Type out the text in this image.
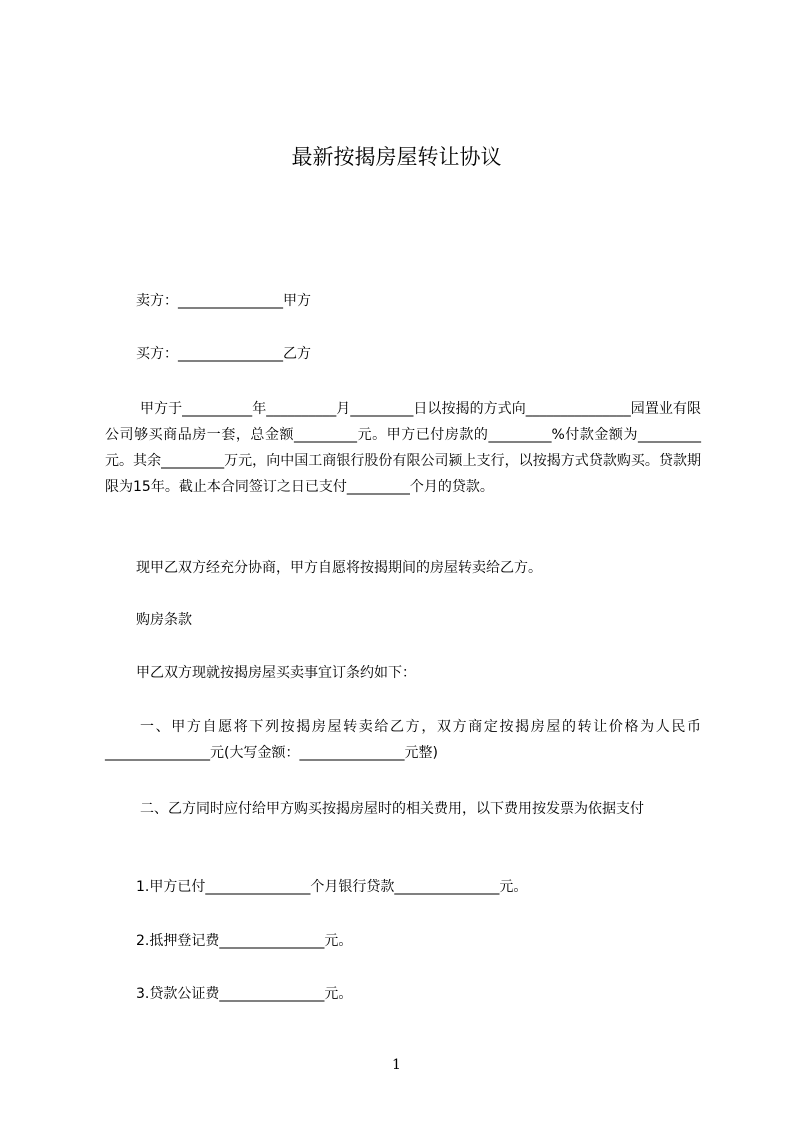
最新按揭房屋转让协议
卖方：_______________甲方
买方：_______________乙方
甲方于__________年__________月_________日以按揭的方式向_______________园置业有限公司够买商品房一套，总金额_________元。甲方已付房款的_________%付款金额为_________元。其余_________万元，向中国工商银行股份有限公司颍上支行，以按揭方式贷款购买。贷款期限为15年。截止本合同签订之日已支付_________个月的贷款。
现甲乙双方经充分协商，甲方自愿将按揭期间的房屋转卖给乙方。
购房条款
甲乙双方现就按揭房屋买卖事宜订条约如下：
一、甲方自愿将下列按揭房屋转卖给乙方，双方商定按揭房屋的转让价格为人民币_______________元(大写金额：_______________元整)
二、乙方同时应付给甲方购买按揭房屋时的相关费用，以下费用按发票为依据支付
1.甲方已付_______________个月银行贷款_______________元。
2.抵押登记费_______________元。
3.贷款公证费_______________元。
1
